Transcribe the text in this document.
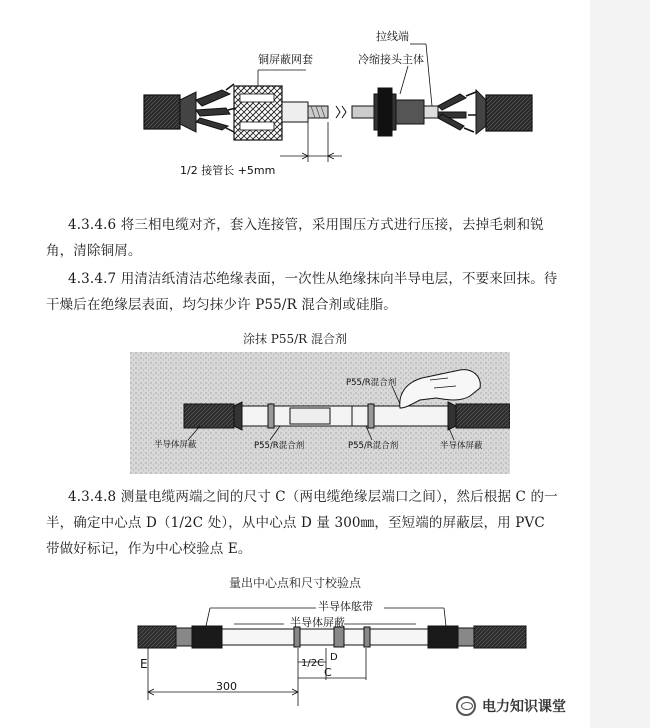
1/2 接管长 +5mm
铜屏蔽网套	冷缩接头主体
拉线端
4.3.4.6 将三相电缆对齐，套入连接管，采用围压方式进行压接，去掉毛刺和锐角，清除铜屑。
4.3.4.7 用清洁纸清洁芯绝缘表面，一次性从绝缘抹向半导电层，不要来回抹。待干燥后在绝缘层表面，均匀抹少许 P55/R 混合剂或硅脂。
涂抹 P55/R 混合剂
P55/R混合剂
半导体屏蔽	P55/R混合剂	P55/R混合剂	半导体屏蔽
4.3.4.8 测量电缆两端之间的尺寸 C（两电缆绝缘层端口之间），然后根据 C 的一半，确定中心点 D（1/2C 处），从中心点 D 量 300㎜，至短端的屏蔽层，用 PVC 带做好标记，作为中心校验点 E。
量出中心点和尺寸校验点
半导体舷带
半导体屏蔽
E	1/2C
D
C
300
电力知识课堂
